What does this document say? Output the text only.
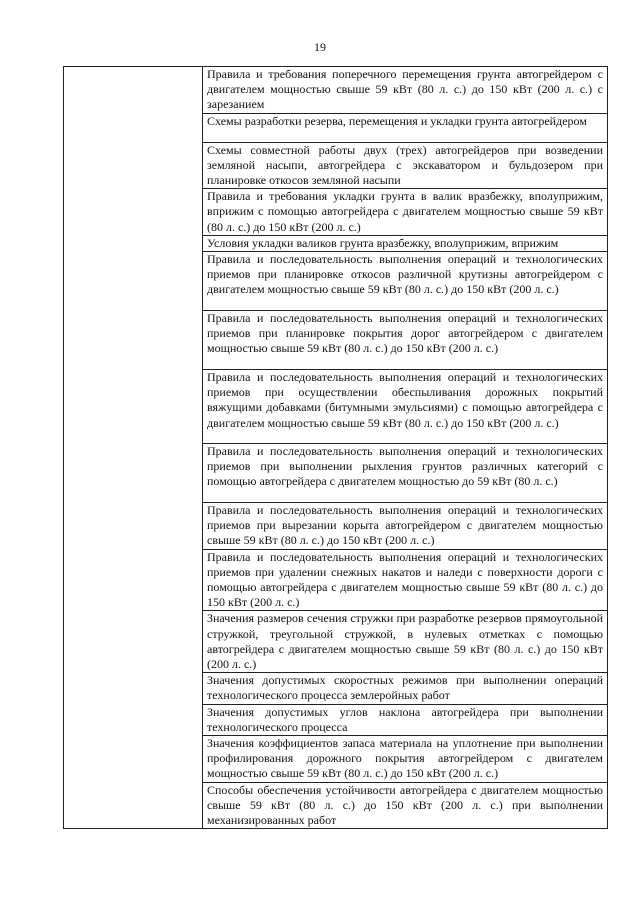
19
	Правила и требования поперечного перемещения грунта автогрейдером с двигателем мощностью свыше 59 кВт (80 л. с.) до 150 кВт (200 л. с.) с зарезанием
Схемы разработки резерва, перемещения и укладки грунта автогрейдером
Схемы совместной работы двух (трех) автогрейдеров при возведении земляной насыпи, автогрейдера с экскаватором и бульдозером при планировке откосов земляной насыпи
Правила и требования укладки грунта в валик вразбежку, вполуприжим, вприжим с помощью автогрейдера с двигателем мощностью свыше 59 кВт (80 л. с.) до 150 кВт (200 л. с.)
Условия укладки валиков грунта вразбежку, вполуприжим, вприжим
Правила и последовательность выполнения операций и технологических приемов при планировке откосов различной крутизны автогрейдером с двигателем мощностью свыше 59 кВт (80 л. с.) до 150 кВт (200 л. с.)
Правила и последовательность выполнения операций и технологических приемов при планировке покрытия дорог автогрейдером с двигателем мощностью свыше 59 кВт (80 л. с.) до 150 кВт (200 л. с.)
Правила и последовательность выполнения операций и технологических приемов при осуществлении обеспыливания дорожных покрытий вяжущими добавками (битумными эмульсиями) с помощью автогрейдера с двигателем мощностью свыше 59 кВт (80 л. с.) до 150 кВт (200 л. с.)
Правила и последовательность выполнения операций и технологических приемов при выполнении рыхления грунтов различных категорий с помощью автогрейдера с двигателем мощностью до 59 кВт (80 л. с.)
Правила и последовательность выполнения операций и технологических приемов при вырезании корыта автогрейдером с двигателем мощностью свыше 59 кВт (80 л. с.) до 150 кВт (200 л. с.)
Правила и последовательность выполнения операций и технологических приемов при удалении снежных накатов и наледи с поверхности дороги с помощью автогрейдера с двигателем мощностью свыше 59 кВт (80 л. с.) до 150 кВт (200 л. с.)
Значения размеров сечения стружки при разработке резервов прямоугольной стружкой, треугольной стружкой, в нулевых отметках с помощью автогрейдера с двигателем мощностью свыше 59 кВт (80 л. с.) до 150 кВт (200 л. с.)
Значения допустимых скоростных режимов при выполнении операций технологического процесса землеройных работ
Значения допустимых углов наклона автогрейдера при выполнении технологического процесса
Значения коэффициентов запаса материала на уплотнение при выполнении профилирования дорожного покрытия автогрейдером с двигателем мощностью свыше 59 кВт (80 л. с.) до 150 кВт (200 л. с.)
Способы обеспечения устойчивости автогрейдера с двигателем мощностью свыше 59 кВт (80 л. с.) до 150 кВт (200 л. с.) при выполнении механизированных работ
